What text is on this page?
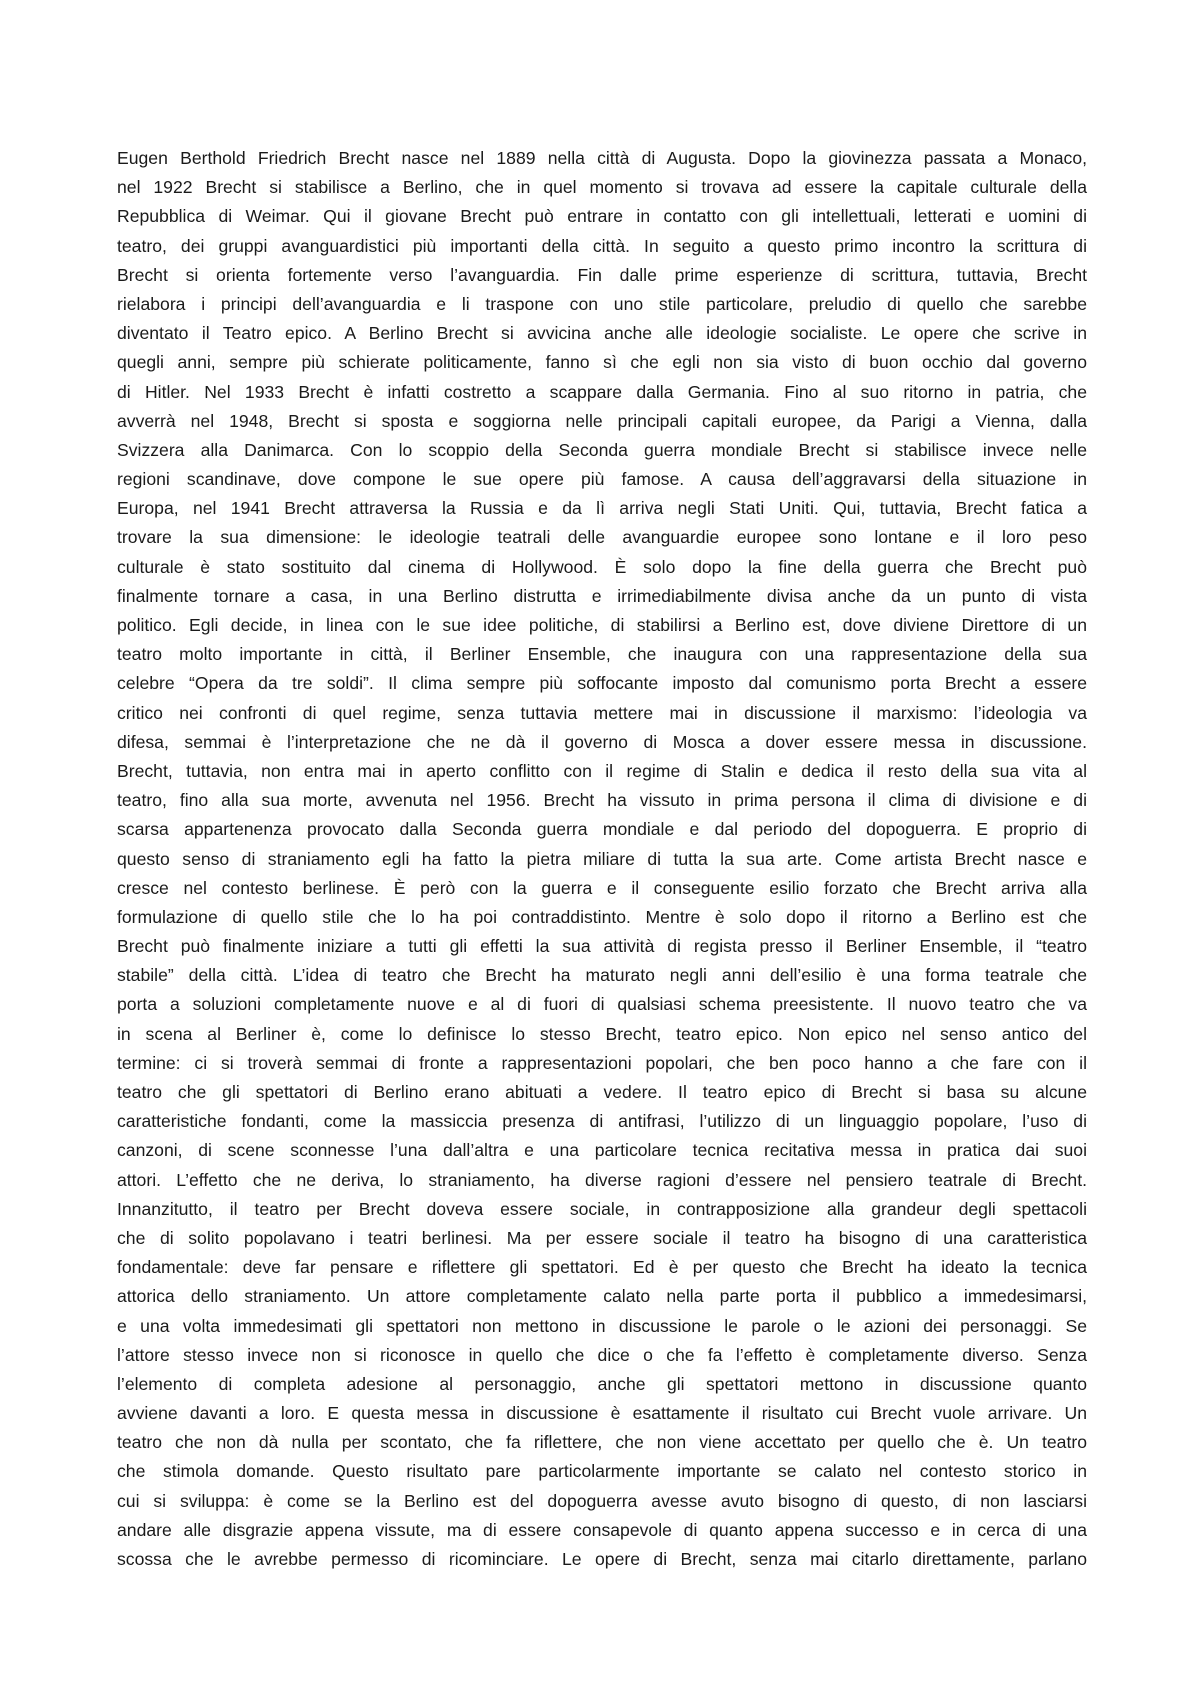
Eugen Berthold Friedrich Brecht nasce nel 1889 nella città di Augusta. Dopo la giovinezza passata a Monaco,
nel 1922 Brecht si stabilisce a Berlino, che in quel momento si trovava ad essere la capitale culturale della
Repubblica di Weimar. Qui il giovane Brecht può entrare in contatto con gli intellettuali, letterati e uomini di
teatro, dei gruppi avanguardistici più importanti della città. In seguito a questo primo incontro la scrittura di
Brecht si orienta fortemente verso l’avanguardia. Fin dalle prime esperienze di scrittura, tuttavia, Brecht
rielabora i principi dell’avanguardia e li traspone con uno stile particolare, preludio di quello che sarebbe
diventato il Teatro epico. A Berlino Brecht si avvicina anche alle ideologie socialiste. Le opere che scrive in
quegli anni, sempre più schierate politicamente, fanno sì che egli non sia visto di buon occhio dal governo
di Hitler. Nel 1933 Brecht è infatti costretto a scappare dalla Germania. Fino al suo ritorno in patria, che
avverrà nel 1948, Brecht si sposta e soggiorna nelle principali capitali europee, da Parigi a Vienna, dalla
Svizzera alla Danimarca. Con lo scoppio della Seconda guerra mondiale Brecht si stabilisce invece nelle
regioni scandinave, dove compone le sue opere più famose. A causa dell’aggravarsi della situazione in
Europa, nel 1941 Brecht attraversa la Russia e da lì arriva negli Stati Uniti. Qui, tuttavia, Brecht fatica a
trovare la sua dimensione: le ideologie teatrali delle avanguardie europee sono lontane e il loro peso
culturale è stato sostituito dal cinema di Hollywood. È solo dopo la fine della guerra che Brecht può
finalmente tornare a casa, in una Berlino distrutta e irrimediabilmente divisa anche da un punto di vista
politico. Egli decide, in linea con le sue idee politiche, di stabilirsi a Berlino est, dove diviene Direttore di un
teatro molto importante in città, il Berliner Ensemble, che inaugura con una rappresentazione della sua
celebre “Opera da tre soldi”. Il clima sempre più soffocante imposto dal comunismo porta Brecht a essere
critico nei confronti di quel regime, senza tuttavia mettere mai in discussione il marxismo: l’ideologia va
difesa, semmai è l’interpretazione che ne dà il governo di Mosca a dover essere messa in discussione.
Brecht, tuttavia, non entra mai in aperto conflitto con il regime di Stalin e dedica il resto della sua vita al
teatro, fino alla sua morte, avvenuta nel 1956. Brecht ha vissuto in prima persona il clima di divisione e di
scarsa appartenenza provocato dalla Seconda guerra mondiale e dal periodo del dopoguerra. E proprio di
questo senso di straniamento egli ha fatto la pietra miliare di tutta la sua arte. Come artista Brecht nasce e
cresce nel contesto berlinese. È però con la guerra e il conseguente esilio forzato che Brecht arriva alla
formulazione di quello stile che lo ha poi contraddistinto. Mentre è solo dopo il ritorno a Berlino est che
Brecht può finalmente iniziare a tutti gli effetti la sua attività di regista presso il Berliner Ensemble, il “teatro
stabile” della città. L’idea di teatro che Brecht ha maturato negli anni dell’esilio è una forma teatrale che
porta a soluzioni completamente nuove e al di fuori di qualsiasi schema preesistente. Il nuovo teatro che va
in scena al Berliner è, come lo definisce lo stesso Brecht, teatro epico. Non epico nel senso antico del
termine: ci si troverà semmai di fronte a rappresentazioni popolari, che ben poco hanno a che fare con il
teatro che gli spettatori di Berlino erano abituati a vedere. Il teatro epico di Brecht si basa su alcune
caratteristiche fondanti, come la massiccia presenza di antifrasi, l’utilizzo di un linguaggio popolare, l’uso di
canzoni, di scene sconnesse l’una dall’altra e una particolare tecnica recitativa messa in pratica dai suoi
attori. L’effetto che ne deriva, lo straniamento, ha diverse ragioni d’essere nel pensiero teatrale di Brecht.
Innanzitutto, il teatro per Brecht doveva essere sociale, in contrapposizione alla grandeur degli spettacoli
che di solito popolavano i teatri berlinesi. Ma per essere sociale il teatro ha bisogno di una caratteristica
fondamentale: deve far pensare e riflettere gli spettatori. Ed è per questo che Brecht ha ideato la tecnica
attorica dello straniamento. Un attore completamente calato nella parte porta il pubblico a immedesimarsi,
e una volta immedesimati gli spettatori non mettono in discussione le parole o le azioni dei personaggi. Se
l’attore stesso invece non si riconosce in quello che dice o che fa l’effetto è completamente diverso. Senza
l’elemento di completa adesione al personaggio, anche gli spettatori mettono in discussione quanto
avviene davanti a loro. E questa messa in discussione è esattamente il risultato cui Brecht vuole arrivare. Un
teatro che non dà nulla per scontato, che fa riflettere, che non viene accettato per quello che è. Un teatro
che stimola domande. Questo risultato pare particolarmente importante se calato nel contesto storico in
cui si sviluppa: è come se la Berlino est del dopoguerra avesse avuto bisogno di questo, di non lasciarsi
andare alle disgrazie appena vissute, ma di essere consapevole di quanto appena successo e in cerca di una
scossa che le avrebbe permesso di ricominciare. Le opere di Brecht, senza mai citarlo direttamente, parlano
